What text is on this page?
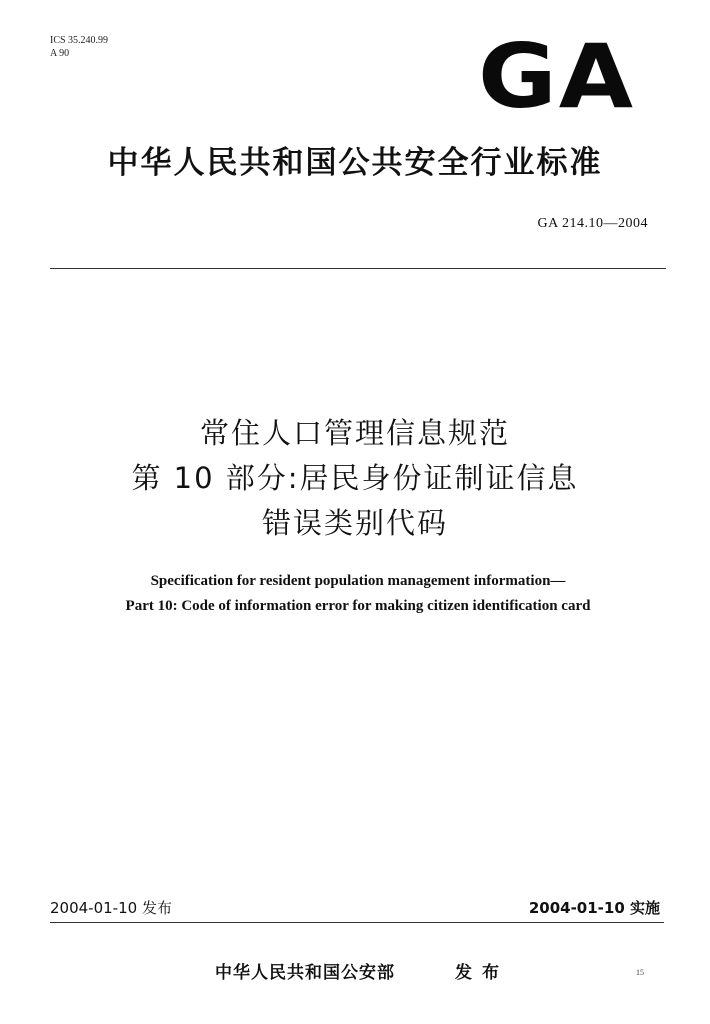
ICS 35.240.99
A 90	GA
中华人民共和国公共安全行业标准
GA 214.10—2004
常住人口管理信息规范
第 10 部分:居民身份证制证信息
错误类别代码
Specification for resident population management information—
Part 10: Code of information error for making citizen identification card
2004-01-10 发布	2004-01-10 实施
中华人民共和国公安部	发布	15
